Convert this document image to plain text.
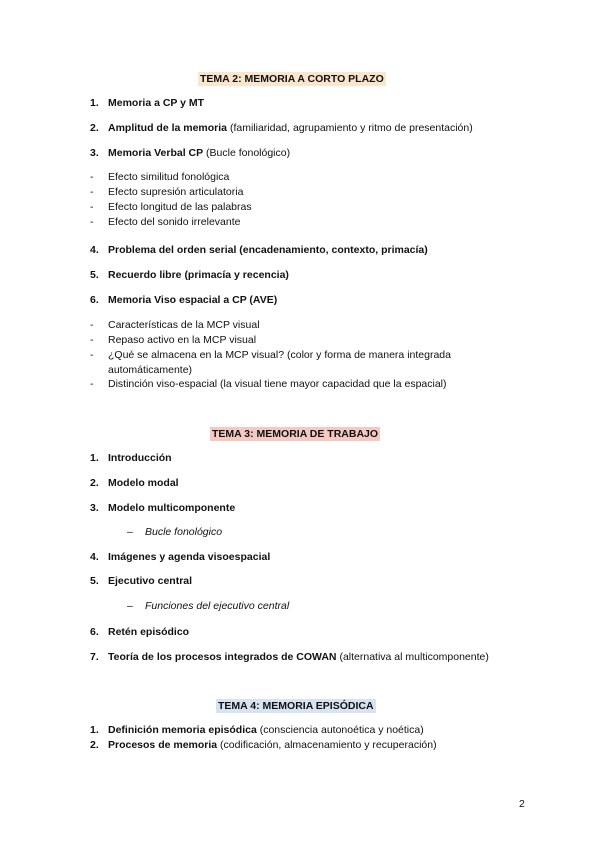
TEMA 2: MEMORIA A CORTO PLAZO
1. Memoria a CP y MT
2. Amplitud de la memoria (familiaridad, agrupamiento y ritmo de presentación)
3. Memoria Verbal CP (Bucle fonológico)
- Efecto similitud fonológica
- Efecto supresión articulatoria
- Efecto longitud de las palabras
- Efecto del sonido irrelevante
4. Problema del orden serial (encadenamiento, contexto, primacía)
5. Recuerdo libre (primacía y recencia)
6. Memoria Viso espacial a CP (AVE)
- Características de la MCP visual
- Repaso activo en la MCP visual
- ¿Qué se almacena en la MCP visual? (color y forma de manera integrada
automáticamente)
- Distinción viso-espacial (la visual tiene mayor capacidad que la espacial)
TEMA 3: MEMORIA DE TRABAJO
1. Introducción
2. Modelo modal
3. Modelo multicomponente
– Bucle fonológico
4. Imágenes y agenda visoespacial
5. Ejecutivo central
– Funciones del ejecutivo central
6. Retén episódico
7. Teoría de los procesos integrados de COWAN (alternativa al multicomponente)
TEMA 4: MEMORIA EPISÓDICA
1. Definición memoria episódica (consciencia autonoética y noética)
2. Procesos de memoria (codificación, almacenamiento y recuperación)
2
